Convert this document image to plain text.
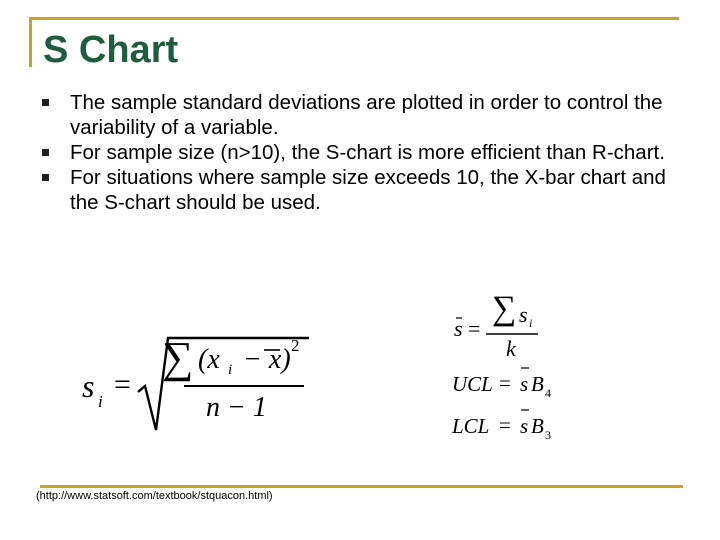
S Chart
The sample standard deviations are plotted in order to control the variability of a variable.
For sample size (n>10), the S-chart is more efficient than R-chart.
For situations where sample size exceeds 10, the X-bar chart and the S-chart should be used.
s i
=
∑ (x i − x) 2
n − 1
s =
∑ s i
k
UCL = s B 4
LCL = s B 3

(http://www.statsoft.com/textbook/stquacon.html)
